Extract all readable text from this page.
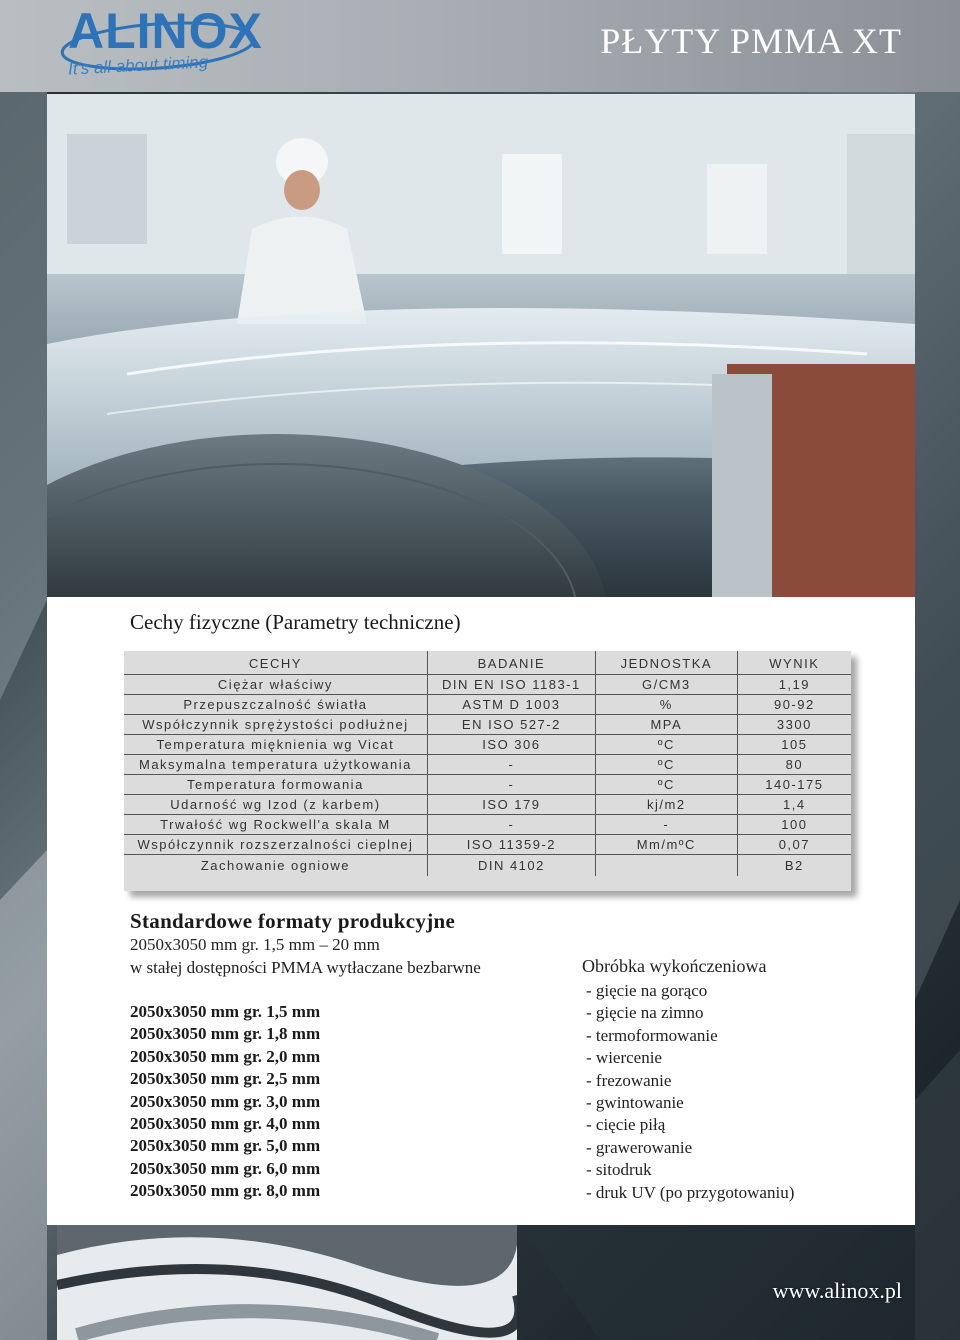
ALINOX
It's all about timing
PŁYTY PMMA XT
Cechy fizyczne (Parametry techniczne)
CECHY	BADANIE	JEDNOSTKA	WYNIK
Ciężar właściwy	DIN EN ISO 1183-1	G/CM3	1,19
Przepuszczalność światła	ASTM D 1003	%	90-92
Współczynnik sprężystości podłużnej	EN ISO 527-2	MPA	3300
Temperatura mięknienia wg Vicat	ISO 306	ºC	105
Maksymalna temperatura użytkowania	-	ºC	80
Temperatura formowania	-	ºC	140-175
Udarność wg Izod (z karbem)	ISO 179	kj/m2	1,4
Trwałość wg Rockwell'a skala M	-	-	100
Współczynnik rozszerzalności cieplnej	ISO 11359-2	Mm/mºC	0,07
Zachowanie ogniowe	DIN 4102		B2
Standardowe formaty produkcyjne
2050x3050 mm gr. 1,5 mm – 20 mm
w stałej dostępności PMMA wytłaczane bezbarwne
2050x3050 mm gr. 1,5 mm
2050x3050 mm gr. 1,8 mm
2050x3050 mm gr. 2,0 mm
2050x3050 mm gr. 2,5 mm
2050x3050 mm gr. 3,0 mm
2050x3050 mm gr. 4,0 mm
2050x3050 mm gr. 5,0 mm
2050x3050 mm gr. 6,0 mm
2050x3050 mm gr. 8,0 mm
Obróbka wykończeniowa
- gięcie na gorąco
- gięcie na zimno
- termoformowanie
- wiercenie
- frezowanie
- gwintowanie
- cięcie piłą
- grawerowanie
- sitodruk
- druk UV (po przygotowaniu)
www.alinox.pl
